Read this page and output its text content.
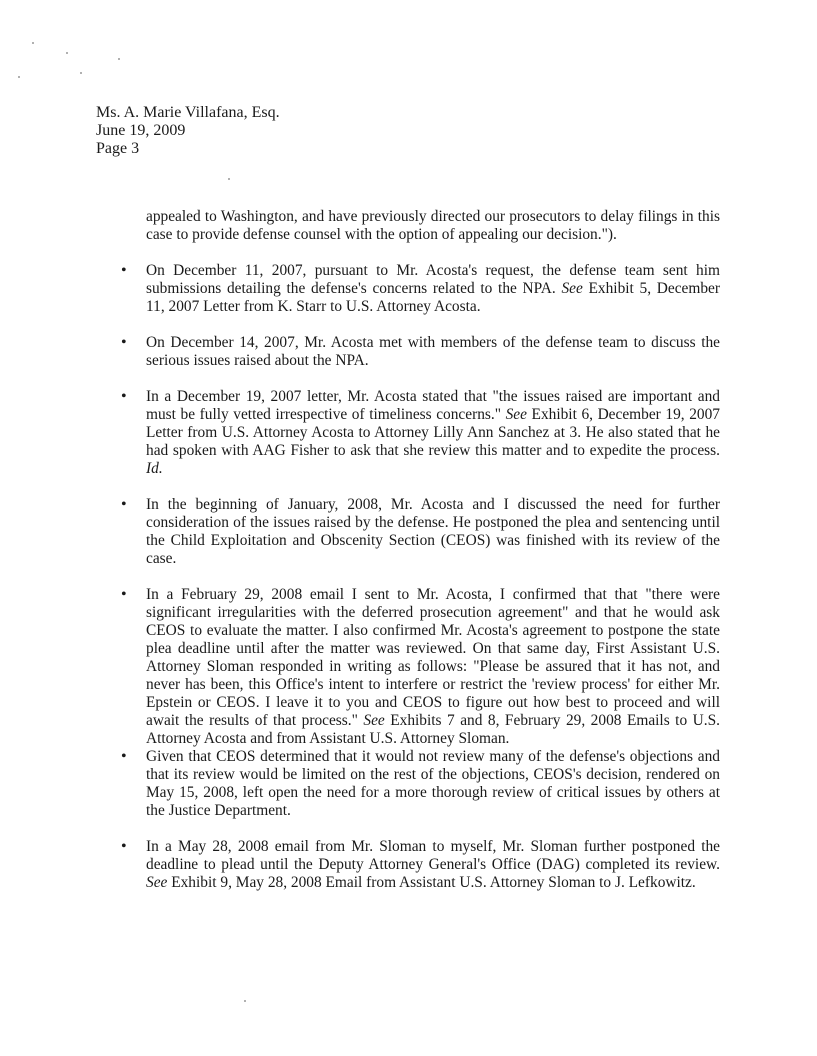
Ms. A. Marie Villafana, Esq.
June 19, 2009
Page 3
appealed to Washington, and have previously directed our prosecutors to delay filings in this case to provide defense counsel with the option of appealing our decision.").
• On December 11, 2007, pursuant to Mr. Acosta's request, the defense team sent him submissions detailing the defense's concerns related to the NPA. See Exhibit 5, December 11, 2007 Letter from K. Starr to U.S. Attorney Acosta.
• On December 14, 2007, Mr. Acosta met with members of the defense team to discuss the serious issues raised about the NPA.
• In a December 19, 2007 letter, Mr. Acosta stated that "the issues raised are important and must be fully vetted irrespective of timeliness concerns." See Exhibit 6, December 19, 2007 Letter from U.S. Attorney Acosta to Attorney Lilly Ann Sanchez at 3. He also stated that he had spoken with AAG Fisher to ask that she review this matter and to expedite the process. Id.
• In the beginning of January, 2008, Mr. Acosta and I discussed the need for further consideration of the issues raised by the defense. He postponed the plea and sentencing until the Child Exploitation and Obscenity Section (CEOS) was finished with its review of the case.
• In a February 29, 2008 email I sent to Mr. Acosta, I confirmed that that "there were significant irregularities with the deferred prosecution agreement" and that he would ask CEOS to evaluate the matter. I also confirmed Mr. Acosta's agreement to postpone the state plea deadline until after the matter was reviewed. On that same day, First Assistant U.S. Attorney Sloman responded in writing as follows: "Please be assured that it has not, and never has been, this Office's intent to interfere or restrict the 'review process' for either Mr. Epstein or CEOS. I leave it to you and CEOS to figure out how best to proceed and will await the results of that process." See Exhibits 7 and 8, February 29, 2008 Emails to U.S. Attorney Acosta and from Assistant U.S. Attorney Sloman.
• Given that CEOS determined that it would not review many of the defense's objections and that its review would be limited on the rest of the objections, CEOS's decision, rendered on May 15, 2008, left open the need for a more thorough review of critical issues by others at the Justice Department.
• In a May 28, 2008 email from Mr. Sloman to myself, Mr. Sloman further postponed the deadline to plead until the Deputy Attorney General's Office (DAG) completed its review. See Exhibit 9, May 28, 2008 Email from Assistant U.S. Attorney Sloman to J. Lefkowitz.
